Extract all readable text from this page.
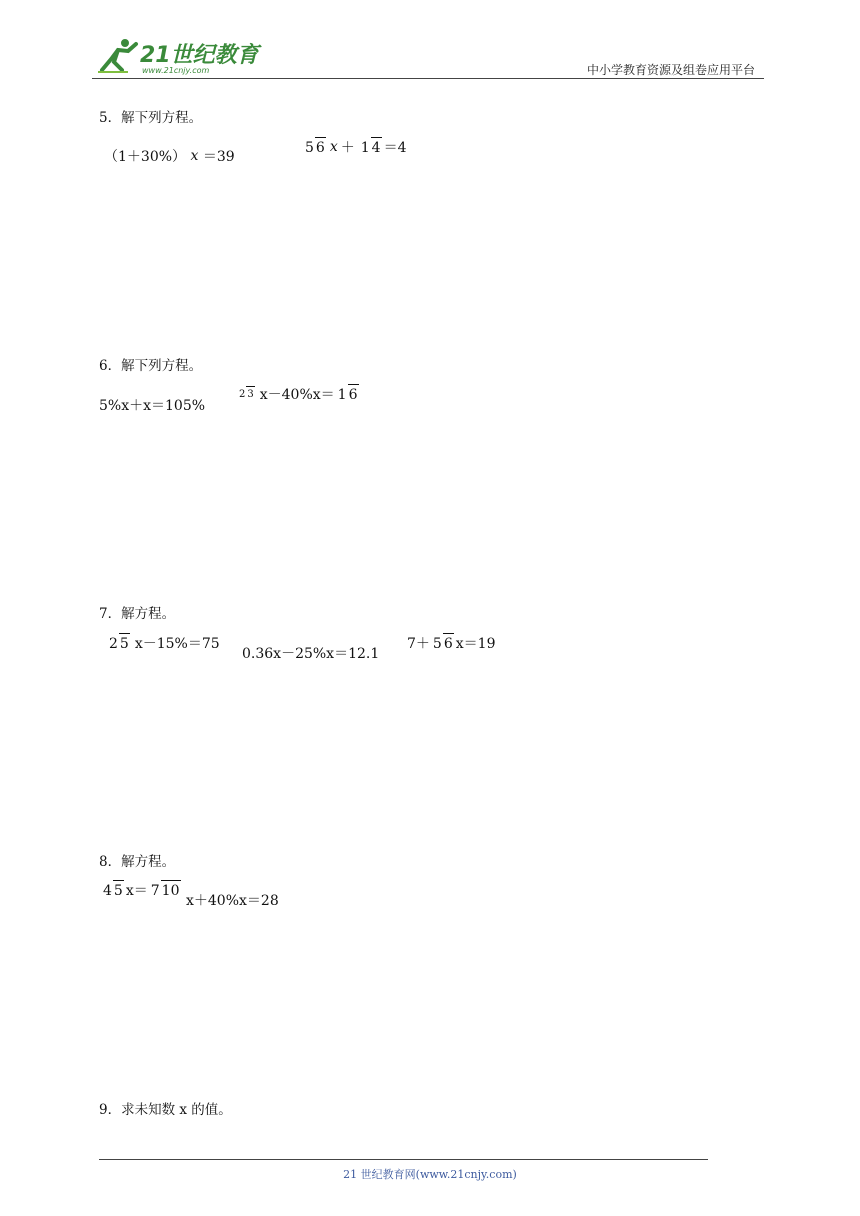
21世纪教育
www.21cnjy.com	中小学教育资源及组卷应用平台
5．解下列方程。
（1＋30%）
x
＝39
5 6 x ＋ 1 4 ＝4
6．解下列方程。
5%x＋x＝105%
2 3 x－40%x＝ 1 6
7．解方程。
2 5 x－15%＝75
0.36x－25%x＝12.1
7＋ 5 6 x＝19
8．解方程。
4 5 x＝ 7 10
x＋40%x＝28
9．求未知数 x 的值。
21 世纪教育网(www.21cnjy.com)
